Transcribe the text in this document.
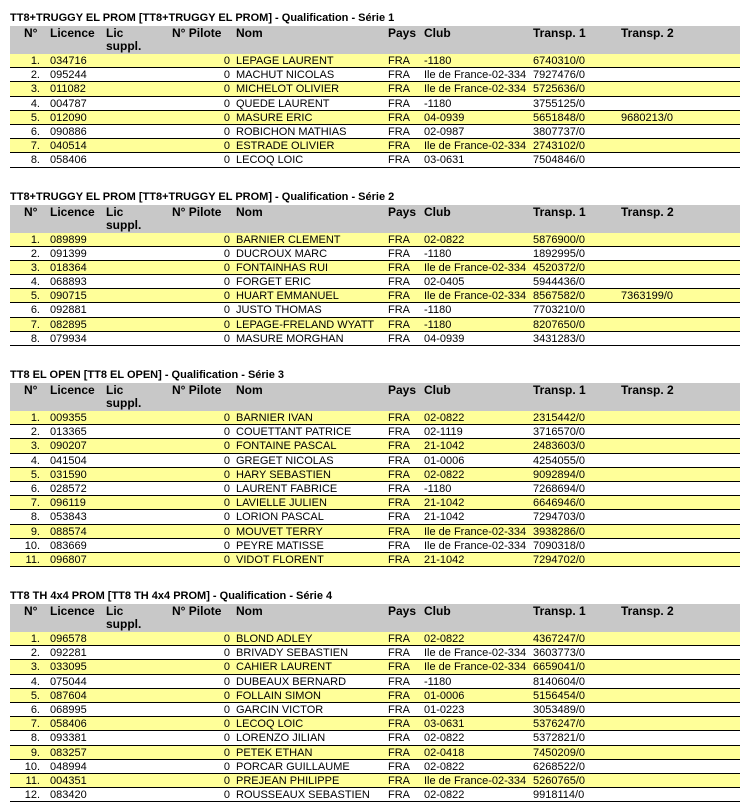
TT8+TRUGGY EL PROM [TT8+TRUGGY EL PROM] - Qualification - Série 1
N° Licence Lic
suppl.
N° Pilote Nom	Pays Club	Transp. 1	Transp. 2
1. 034716	0 LEPAGE LAURENT	FRA -1180	6740310/0
2. 095244	0 MACHUT NICOLAS	FRA Ile de France-02-334 7927476/0
3. 011082	0 MICHELOT OLIVIER	FRA Ile de France-02-334 5725636/0
4. 004787	0 QUEDE LAURENT	FRA -1180	3755125/0
5. 012090	0 MASURE ERIC	FRA 04-0939	5651848/0	9680213/0
6. 090886	0 ROBICHON MATHIAS	FRA 02-0987	3807737/0
7. 040514	0 ESTRADE OLIVIER	FRA Ile de France-02-334 2743102/0
8. 058406	0 LECOQ LOIC	FRA 03-0631	7504846/0
TT8+TRUGGY EL PROM [TT8+TRUGGY EL PROM] - Qualification - Série 2
N° Licence Lic
suppl.
N° Pilote Nom	Pays Club	Transp. 1	Transp. 2
1. 089899	0 BARNIER CLEMENT	FRA 02-0822	5876900/0
2. 091399	0 DUCROUX MARC	FRA -1180	1892995/0
3. 018364	0 FONTAINHAS RUI	FRA Ile de France-02-334 4520372/0
4. 068893	0 FORGET ERIC	FRA 02-0405	5944436/0
5. 090715	0 HUART EMMANUEL	FRA Ile de France-02-334 8567582/0	7363199/0
6. 092881	0 JUSTO THOMAS	FRA -1180	7703210/0
7. 082895	0 LEPAGE-FRELAND WYATT FRA -1180	8207650/0
8. 079934	0 MASURE MORGHAN	FRA 04-0939	3431283/0
TT8 EL OPEN [TT8 EL OPEN] - Qualification - Série 3
N° Licence Lic
suppl.
N° Pilote Nom	Pays Club	Transp. 1	Transp. 2
1. 009355	0 BARNIER IVAN	FRA 02-0822	2315442/0
2. 013365	0 COUETTANT PATRICE	FRA 02-1119	3716570/0
3. 090207	0 FONTAINE PASCAL	FRA 21-1042	2483603/0
4. 041504	0 GREGET NICOLAS	FRA 01-0006	4254055/0
5. 031590	0 HARY SEBASTIEN	FRA 02-0822	9092894/0
6. 028572	0 LAURENT FABRICE	FRA -1180	7268694/0
7. 096119	0 LAVIELLE JULIEN	FRA 21-1042	6646946/0
8. 053843	0 LORION PASCAL	FRA 21-1042	7294703/0
9. 088574	0 MOUVET TERRY	FRA Ile de France-02-334 3938286/0
10. 083669	0 PEYRE MATISSE	FRA Ile de France-02-334 7090318/0
11. 096807	0 VIDOT FLORENT	FRA 21-1042	7294702/0
TT8 TH 4x4 PROM [TT8 TH 4x4 PROM] - Qualification - Série 4
N° Licence Lic
suppl.
N° Pilote Nom	Pays Club	Transp. 1	Transp. 2
1. 096578	0 BLOND ADLEY	FRA 02-0822	4367247/0
2. 092281	0 BRIVADY SEBASTIEN	FRA Ile de France-02-334 3603773/0
3. 033095	0 CAHIER LAURENT	FRA Ile de France-02-334 6659041/0
4. 075044	0 DUBEAUX BERNARD	FRA -1180	8140604/0
5. 087604	0 FOLLAIN SIMON	FRA 01-0006	5156454/0
6. 068995	0 GARCIN VICTOR	FRA 01-0223	3053489/0
7. 058406	0 LECOQ LOIC	FRA 03-0631	5376247/0
8. 093381	0 LORENZO JILIAN	FRA 02-0822	5372821/0
9. 083257	0 PETEK ETHAN	FRA 02-0418	7450209/0
10. 048994	0 PORCAR GUILLAUME	FRA 02-0822	6268522/0
11. 004351	0 PREJEAN PHILIPPE	FRA Ile de France-02-334 5260765/0
12. 083420	0 ROUSSEAUX SEBASTIEN FRA 02-0822	9918114/0
